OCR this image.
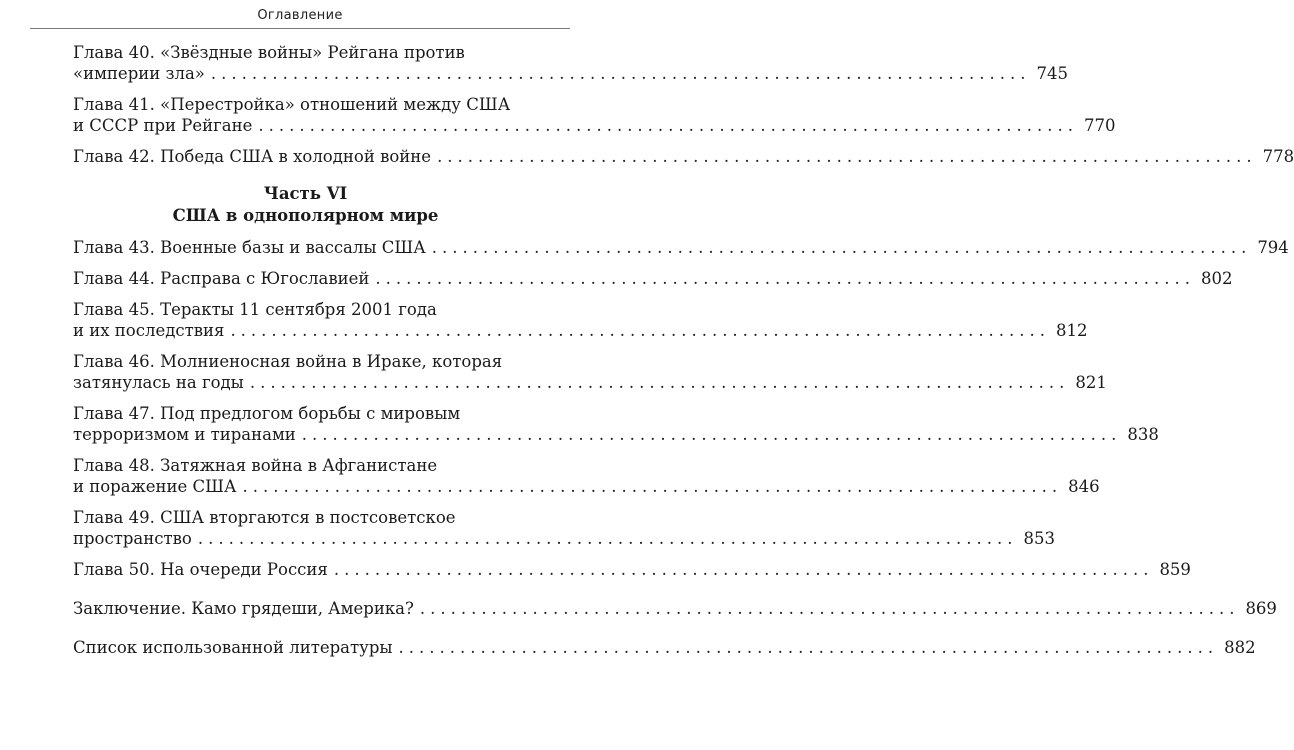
Оглавление
Глава 40. «Звёздные войны» Рейгана против
«империи зла» ................................................................................ 745
Глава 41. «Перестройка» отношений между США
и СССР при Рейгане ................................................................................ 770
Глава 42. Победа США в холодной войне ................................................................................ 778
Часть VI
США в однополярном мире
Глава 43. Военные базы и вассалы США ................................................................................ 794
Глава 44. Расправа с Югославией ................................................................................ 802
Глава 45. Теракты 11 сентября 2001 года
и их последствия ................................................................................ 812
Глава 46. Молниеносная война в Ираке, которая
затянулась на годы ................................................................................ 821
Глава 47. Под предлогом борьбы с мировым
терроризмом и тиранами ................................................................................ 838
Глава 48. Затяжная война в Афганистане
и поражение США ................................................................................ 846
Глава 49. США вторгаются в постсоветское
пространство ................................................................................ 853
Глава 50. На очереди Россия ................................................................................ 859
Заключение. Камо грядеши, Америка? ................................................................................ 869
Список использованной литературы ................................................................................ 882
